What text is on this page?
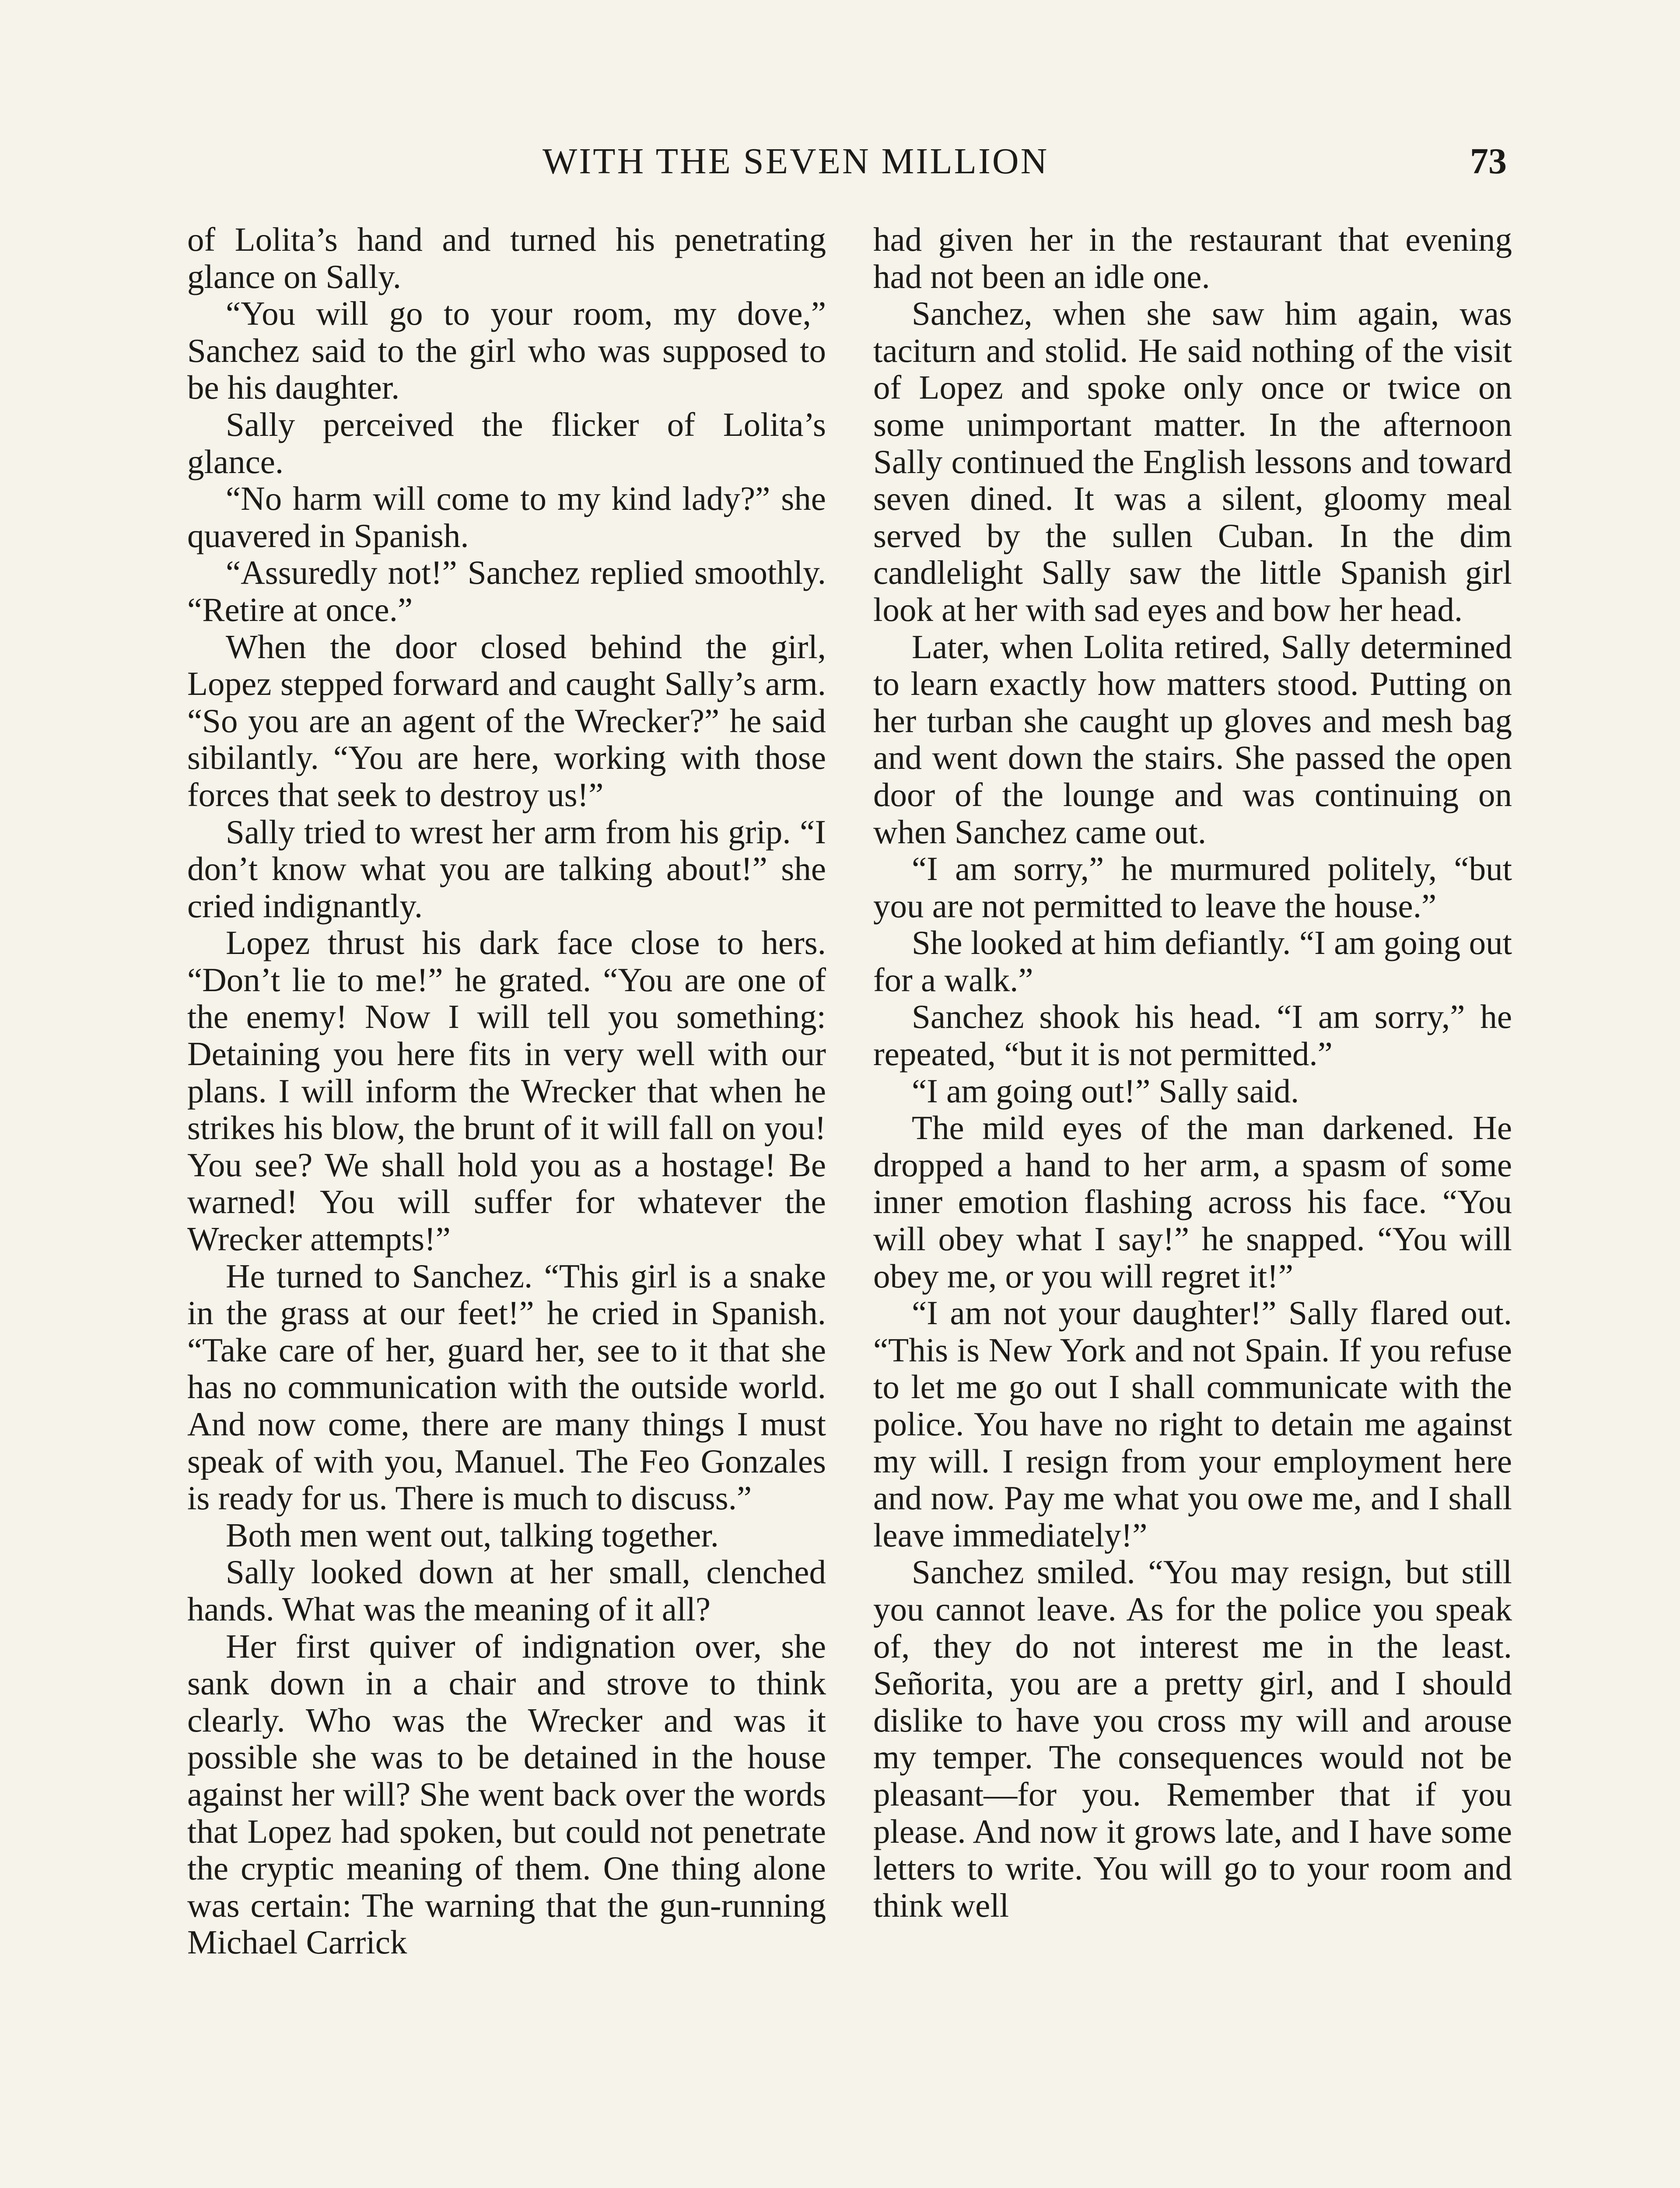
WITH THE SEVEN MILLION	73

of Lolita’s hand and turned his penetrating glance on Sally.

“You will go to your room, my dove,” Sanchez said to the girl who was supposed to be his daughter.

Sally perceived the flicker of Lolita’s glance.

“No harm will come to my kind lady?” she quavered in Spanish.

“Assuredly not!” Sanchez replied smoothly. “Retire at once.”

When the door closed behind the girl, Lopez stepped forward and caught Sally’s arm. “So you are an agent of the Wrecker?” he said sibilantly. “You are here, working with those forces that seek to destroy us!”

Sally tried to wrest her arm from his grip. “I don’t know what you are talking about!” she cried indignantly.

Lopez thrust his dark face close to hers. “Don’t lie to me!” he grated. “You are one of the enemy! Now I will tell you something: Detaining you here fits in very well with our plans. I will inform the Wrecker that when he strikes his blow, the brunt of it will fall on you! You see? We shall hold you as a hostage! Be warned! You will suffer for whatever the Wrecker attempts!”

He turned to Sanchez. “This girl is a snake in the grass at our feet!” he cried in Spanish. “Take care of her, guard her, see to it that she has no communication with the outside world. And now come, there are many things I must speak of with you, Manuel. The Feo Gonzales is ready for us. There is much to discuss.”

Both men went out, talking together.

Sally looked down at her small, clenched hands. What was the meaning of it all?

Her first quiver of indignation over, she sank down in a chair and strove to think clearly. Who was the Wrecker and was it possible she was to be detained in the house against her will? She went back over the words that Lopez had spoken, but could not penetrate the cryptic meaning of them. One thing alone was certain: The warning that the gun-running Michael Carrick

had given her in the restaurant that evening had not been an idle one.

Sanchez, when she saw him again, was taciturn and stolid. He said nothing of the visit of Lopez and spoke only once or twice on some unimportant matter. In the afternoon Sally continued the English lessons and toward seven dined. It was a silent, gloomy meal served by the sullen Cuban. In the dim candlelight Sally saw the little Spanish girl look at her with sad eyes and bow her head.

Later, when Lolita retired, Sally determined to learn exactly how matters stood. Putting on her turban she caught up gloves and mesh bag and went down the stairs. She passed the open door of the lounge and was continuing on when Sanchez came out.

“I am sorry,” he murmured politely, “but you are not permitted to leave the house.”

She looked at him defiantly. “I am going out for a walk.”

Sanchez shook his head. “I am sorry,” he repeated, “but it is not permitted.”

“I am going out!” Sally said.

The mild eyes of the man darkened. He dropped a hand to her arm, a spasm of some inner emotion flashing across his face. “You will obey what I say!” he snapped. “You will obey me, or you will regret it!”

“I am not your daughter!” Sally flared out. “This is New York and not Spain. If you refuse to let me go out I shall communicate with the police. You have no right to detain me against my will. I resign from your employment here and now. Pay me what you owe me, and I shall leave immediately!”

Sanchez smiled. “You may resign, but still you cannot leave. As for the police you speak of, they do not interest me in the least. Señorita, you are a pretty girl, and I should dislike to have you cross my will and arouse my temper. The consequences would not be pleasant—for you. Remember that if you please. And now it grows late, and I have some letters to write. You will go to your room and think well
